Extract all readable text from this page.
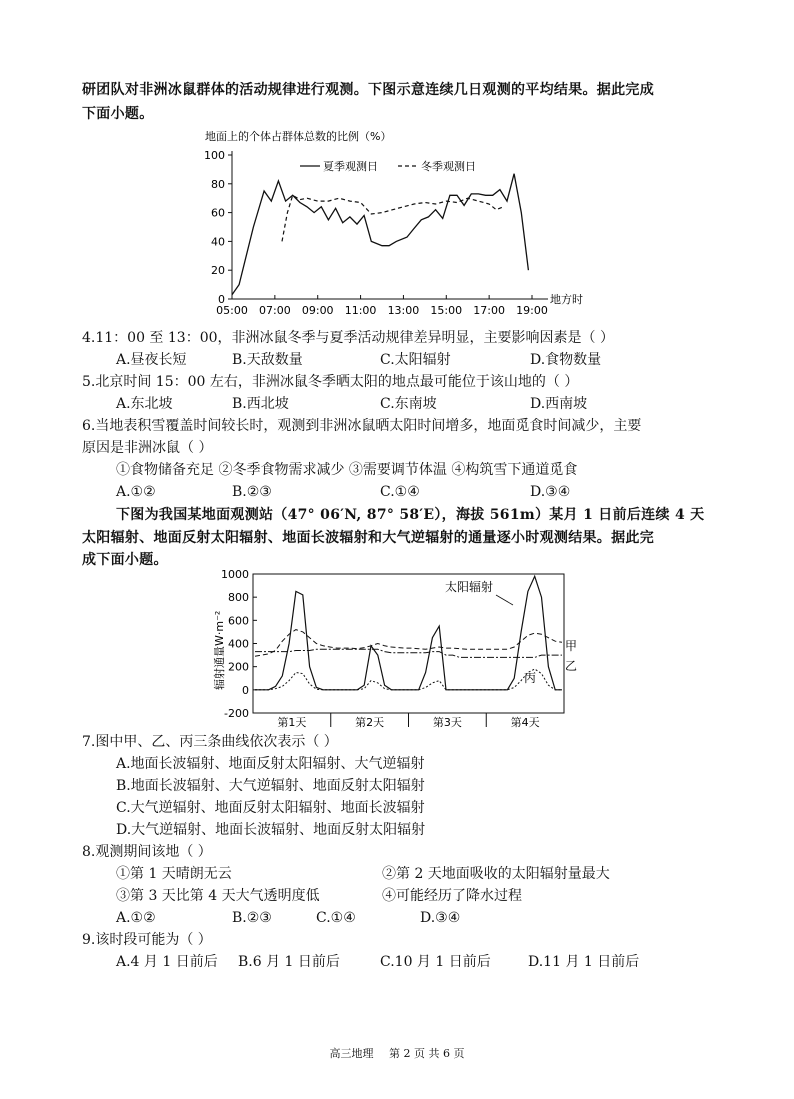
研团队对非洲冰鼠群体的活动规律进行观测。下图示意连续几日观测的平均结果。据此完成
下面小题。
地面上的个体占群体总数的比例（%）
100
80
60
40
20
0
05:00 07:00 09:00 11:00 13:00 15:00 17:00 19:00
地方时
夏季观测日	冬季观测日
4.11：00 至 13：00，非洲冰鼠冬季与夏季活动规律差异明显，主要影响因素是（ ）
A.昼夜长短	B.天敌数量	C.太阳辐射	D.食物数量
5.北京时间 15：00 左右，非洲冰鼠冬季晒太阳的地点最可能位于该山地的（ ）
A.东北坡	B.西北坡	C.东南坡	D.西南坡
6.当地表积雪覆盖时间较长时，观测到非洲冰鼠晒太阳时间增多，地面觅食时间减少，主要
原因是非洲冰鼠（ ）
①食物储备充足 ②冬季食物需求减少 ③需要调节体温 ④构筑雪下通道觅食
A.①②	B.②③	C.①④	D.③④
下图为我国某地面观测站（47° 06′N, 87° 58′E），海拔 561m）某月 1 日前后连续 4 天
太阳辐射、地面反射太阳辐射、地面长波辐射和大气逆辐射的通量逐小时观测结果。据此完
成下面小题。
辐射通量W·m⁻²
1000
800
600
400
200
0
-200
第1天	第2天	第3天	第4天
太阳辐射
甲
乙
丙
7.图中甲、乙、丙三条曲线依次表示（ ）
A.地面长波辐射、地面反射太阳辐射、大气逆辐射
B.地面长波辐射、大气逆辐射、地面反射太阳辐射
C.大气逆辐射、地面反射太阳辐射、地面长波辐射
D.大气逆辐射、地面长波辐射、地面反射太阳辐射
8.观测期间该地（ ）
①第 1 天晴朗无云	②第 2 天地面吸收的太阳辐射量最大
③第 3 天比第 4 天大气透明度低	④可能经历了降水过程
A.①②	B.②③	C.①④	D.③④
9.该时段可能为（ ）
A.4 月 1 日前后 B.6 月 1 日前后	C.10 月 1 日前后	D.11 月 1 日前后
高三地理 第 2 页 共 6 页
